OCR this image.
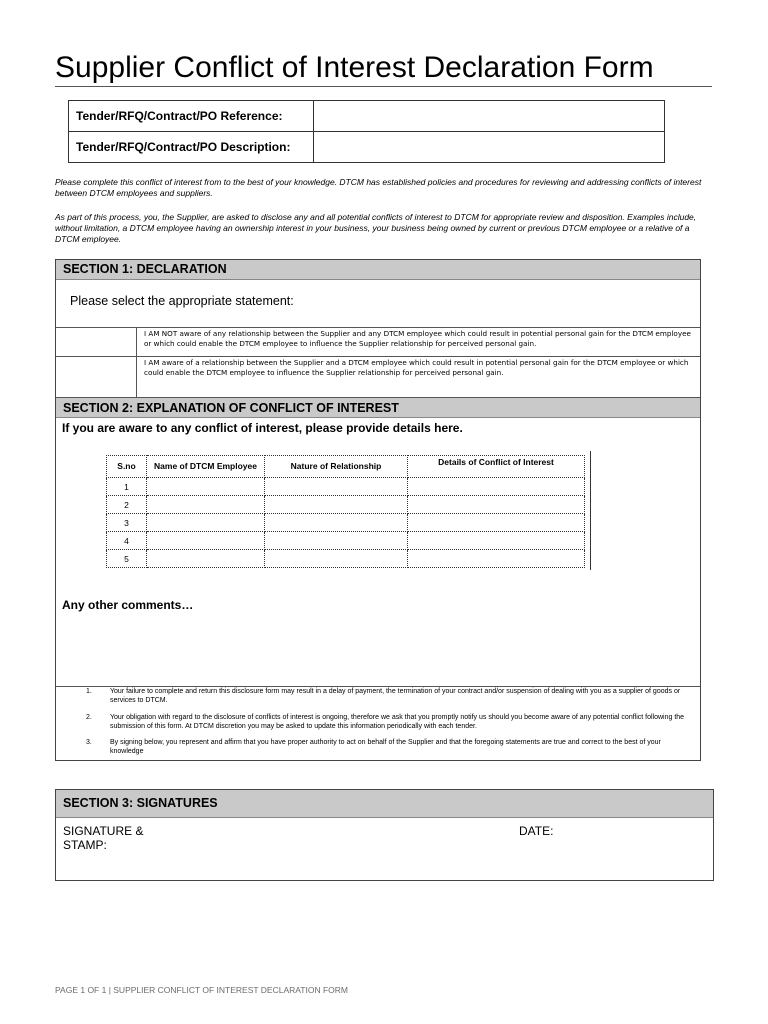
Supplier Conflict of Interest Declaration Form
Tender/RFQ/Contract/PO Reference:	
Tender/RFQ/Contract/PO Description:	
Please complete this conflict of interest from to the best of your knowledge. DTCM has established policies and procedures for reviewing and addressing conflicts of interest between DTCM employees and suppliers.
As part of this process, you, the Supplier, are asked to disclose any and all potential conflicts of interest to DTCM for appropriate review and disposition. Examples include, without limitation, a DTCM employee having an ownership interest in your business, your business being owned by current or previous DTCM employee or a relative of a DTCM employee.
SECTION 1: DECLARATION
Please select the appropriate statement:
I AM NOT aware of any relationship between the Supplier and any DTCM employee which could result in potential personal gain for the DTCM employee or which could enable the DTCM employee to influence the Supplier relationship for perceived personal gain.
I AM aware of a relationship between the Supplier and a DTCM employee which could result in potential personal gain for the DTCM employee or which could enable the DTCM employee to influence the Supplier relationship for perceived personal gain.
SECTION 2: EXPLANATION OF CONFLICT OF INTEREST
If you are aware to any conflict of interest, please provide details here.
Any other comments…
1.	Your failure to complete and return this disclosure form may result in a delay of payment, the termination of your contract and/or suspension of dealing with you as a supplier of goods or services to DTCM.
2.	Your obligation with regard to the disclosure of conflicts of interest is ongoing, therefore we ask that you promptly notify us should you become aware of any potential conflict following the submission of this form. At DTCM discretion you may be asked to update this information periodically with each tender.
3.	By signing below, you represent and affirm that you have proper authority to act on behalf of the Supplier and that the foregoing statements are true and correct to the best of your knowledge
S.no	Name of DTCM Employee	Nature of Relationship	Details of Conflict of Interest
1			
2			
3			
4			
5			
SECTION 3: SIGNATURES
SIGNATURE &
STAMP:
DATE:
PAGE 1 OF 1 | SUPPLIER CONFLICT OF INTEREST DECLARATION FORM
